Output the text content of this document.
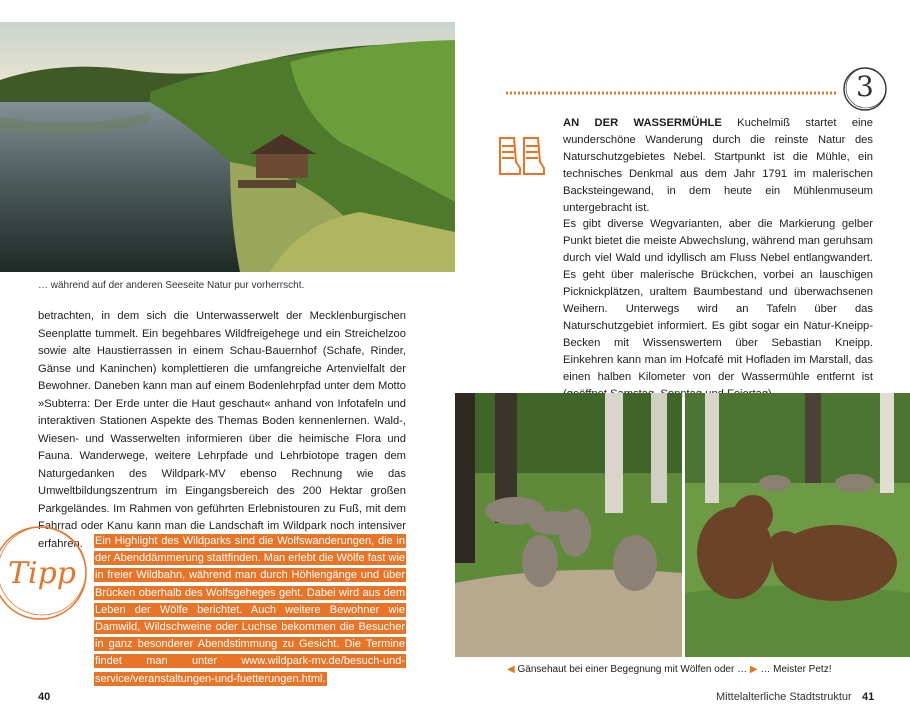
… während auf der anderen Seeseite Natur pur vorherrscht.
betrachten, in dem sich die Unterwasserwelt der Mecklenburgischen Seenplatte tummelt. Ein begehbares Wildfreigehege und ein Streichelzoo sowie alte Haustierrassen in einem Schau-Bauernhof (Schafe, Rinder, Gänse und Kaninchen) komplettieren die umfangreiche Artenvielfalt der Bewohner. Daneben kann man auf einem Bodenlehrpfad unter dem Motto »Subterra: Der Erde unter die Haut geschaut« anhand von Infotafeln und interaktiven Stationen Aspekte des Themas Boden kennenlernen. Wald-, Wiesen- und Wasserwelten informieren über die heimische Flora und Fauna. Wanderwege, weitere Lehrpfade und Lehrbiotope tragen dem Naturgedanken des Wildpark-MV ebenso Rechnung wie das Umweltbildungszentrum im Eingangsbereich des 200 Hektar großen Parkgeländes. Im Rahmen von geführten Erlebnistouren zu Fuß, mit dem Fahrrad oder Kanu kann man die Landschaft im Wildpark noch intensiver erfahren.
Tipp
Ein Highlight des Wildparks sind die Wolfswanderungen, die in der Abenddämmerung stattfinden. Man erlebt die Wölfe fast wie in freier Wildbahn, während man durch Höhlengänge und über Brücken oberhalb des Wolfsgeheges geht. Dabei wird aus dem Leben der Wölfe berichtet. Auch weitere Bewohner wie Damwild, Wildschweine oder Luchse bekommen die Besucher in ganz besonderer Abendstimmung zu Gesicht. Die Termine findet man unter www.wildpark-mv.de/besuch-und-service/veranstaltungen-und-fuetterungen.html.
3
AN DER WASSERMÜHLE Kuchelmiß startet eine wunderschöne Wanderung durch die reinste Natur des Naturschutzgebietes Nebel. Startpunkt ist die Mühle, ein technisches Denkmal aus dem Jahr 1791 im malerischen Backsteingewand, in dem heute ein Mühlenmuseum untergebracht ist.
Es gibt diverse Wegvarianten, aber die Markierung gelber Punkt bietet die meiste Abwechslung, während man geruhsam durch viel Wald und idyllisch am Fluss Nebel entlangwandert. Es geht über malerische Brückchen, vorbei an lauschigen Picknickplätzen, uraltem Baumbestand und überwachsenen Weihern. Unterwegs wird an Tafeln über das Naturschutzgebiet informiert. Es gibt sogar ein Natur-Kneipp-Becken mit Wissenswertem über Sebastian Kneipp. Einkehren kann man im Hofcafé mit Hofladen im Marstall, das einen halben Kilometer von der Wassermühle entfernt ist
◀ Gänsehaut bei einer Begegnung mit Wölfen oder … ▶ … Meister Petz!
40	Mittelalterliche Stadtstruktur 41
